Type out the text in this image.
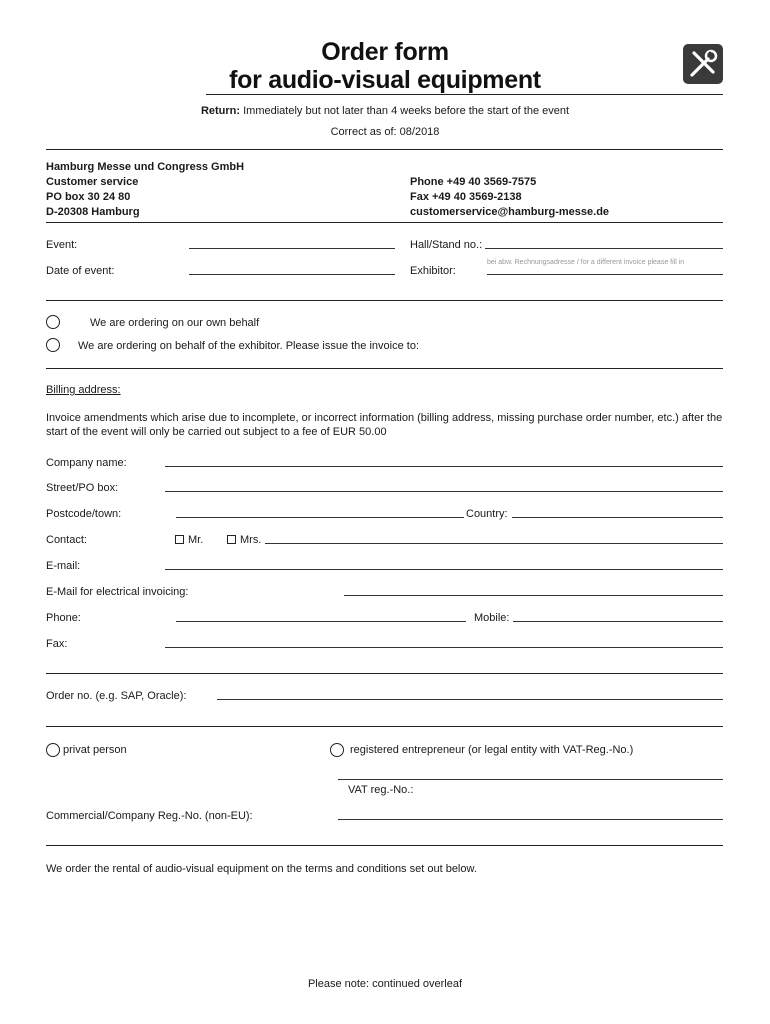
Order form
for audio-visual equipment
Return: Immediately but not later than 4 weeks before the start of the event
Correct as of: 08/2018
Hamburg Messe und Congress GmbH
Customer service
PO box 30 24 80
D-20308 Hamburg
Phone +49 40 3569-7575
Fax +49 40 3569-2138
customerservice@hamburg-messe.de
Event:	Hall/Stand no.:
bei abw. Rechnungsadresse / for a different invoice please fill in
Date of event:	Exhibitor:
We are ordering on our own behalf
We are ordering on behalf of the exhibitor. Please issue the invoice to:
Billing address:
Invoice amendments which arise due to incomplete, or incorrect information (billing address, missing purchase order number, etc.) after the start of the event will only be carried out subject to a fee of EUR 50.00
Company name:
Street/PO box:
Postcode/town:	Country:
Contact:	Mr.	Mrs.
E-mail:
E-Mail for electrical invoicing:
Phone:	Mobile:
Fax:
Order no. (e.g. SAP, Oracle):
privat person	registered entrepreneur (or legal entity with VAT-Reg.-No.)
VAT reg.-No.:
Commercial/Company Reg.-No. (non-EU):
We order the rental of audio-visual equipment on the terms and conditions set out below.
Please note: continued overleaf
